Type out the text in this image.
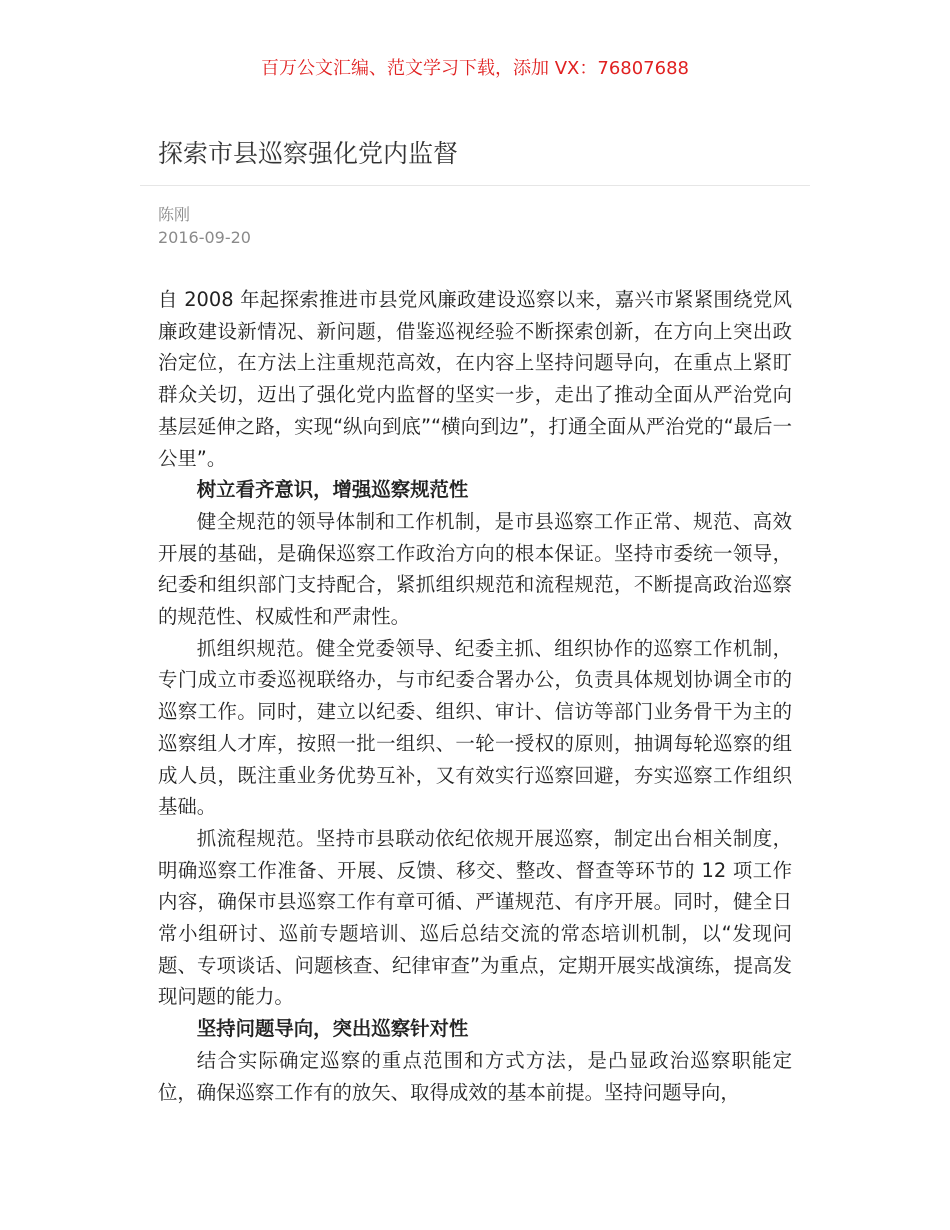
百万公文汇编、范文学习下载，添加 VX：76807688
探索市县巡察强化党内监督
陈刚
2016-09-20

自 2008 年起探索推进市县党风廉政建设巡察以来，嘉兴市紧紧围绕党风廉政建设新情况、新问题，借鉴巡视经验不断探索创新，在方向上突出政治定位，在方法上注重规范高效，在内容上坚持问题导向，在重点上紧盯群众关切，迈出了强化党内监督的坚实一步，走出了推动全面从严治党向基层延伸之路，实现“纵向到底”“横向到边”，打通全面从严治党的“最后一公里”。

树立看齐意识，增强巡察规范性

健全规范的领导体制和工作机制，是市县巡察工作正常、规范、高效开展的基础，是确保巡察工作政治方向的根本保证。坚持市委统一领导，纪委和组织部门支持配合，紧抓组织规范和流程规范，不断提高政治巡察的规范性、权威性和严肃性。

抓组织规范。健全党委领导、纪委主抓、组织协作的巡察工作机制，专门成立市委巡视联络办，与市纪委合署办公，负责具体规划协调全市的巡察工作。同时，建立以纪委、组织、审计、信访等部门业务骨干为主的巡察组人才库，按照一批一组织、一轮一授权的原则，抽调每轮巡察的组成人员，既注重业务优势互补，又有效实行巡察回避，夯实巡察工作组织基础。

抓流程规范。坚持市县联动依纪依规开展巡察，制定出台相关制度，明确巡察工作准备、开展、反馈、移交、整改、督查等环节的 12 项工作内容，确保市县巡察工作有章可循、严谨规范、有序开展。同时，健全日常小组研讨、巡前专题培训、巡后总结交流的常态培训机制，以“发现问题、专项谈话、问题核查、纪律审查”为重点，定期开展实战演练，提高发现问题的能力。

坚持问题导向，突出巡察针对性

结合实际确定巡察的重点范围和方式方法，是凸显政治巡察职能定位，确保巡察工作有的放矢、取得成效的基本前提。坚持问题导向，
